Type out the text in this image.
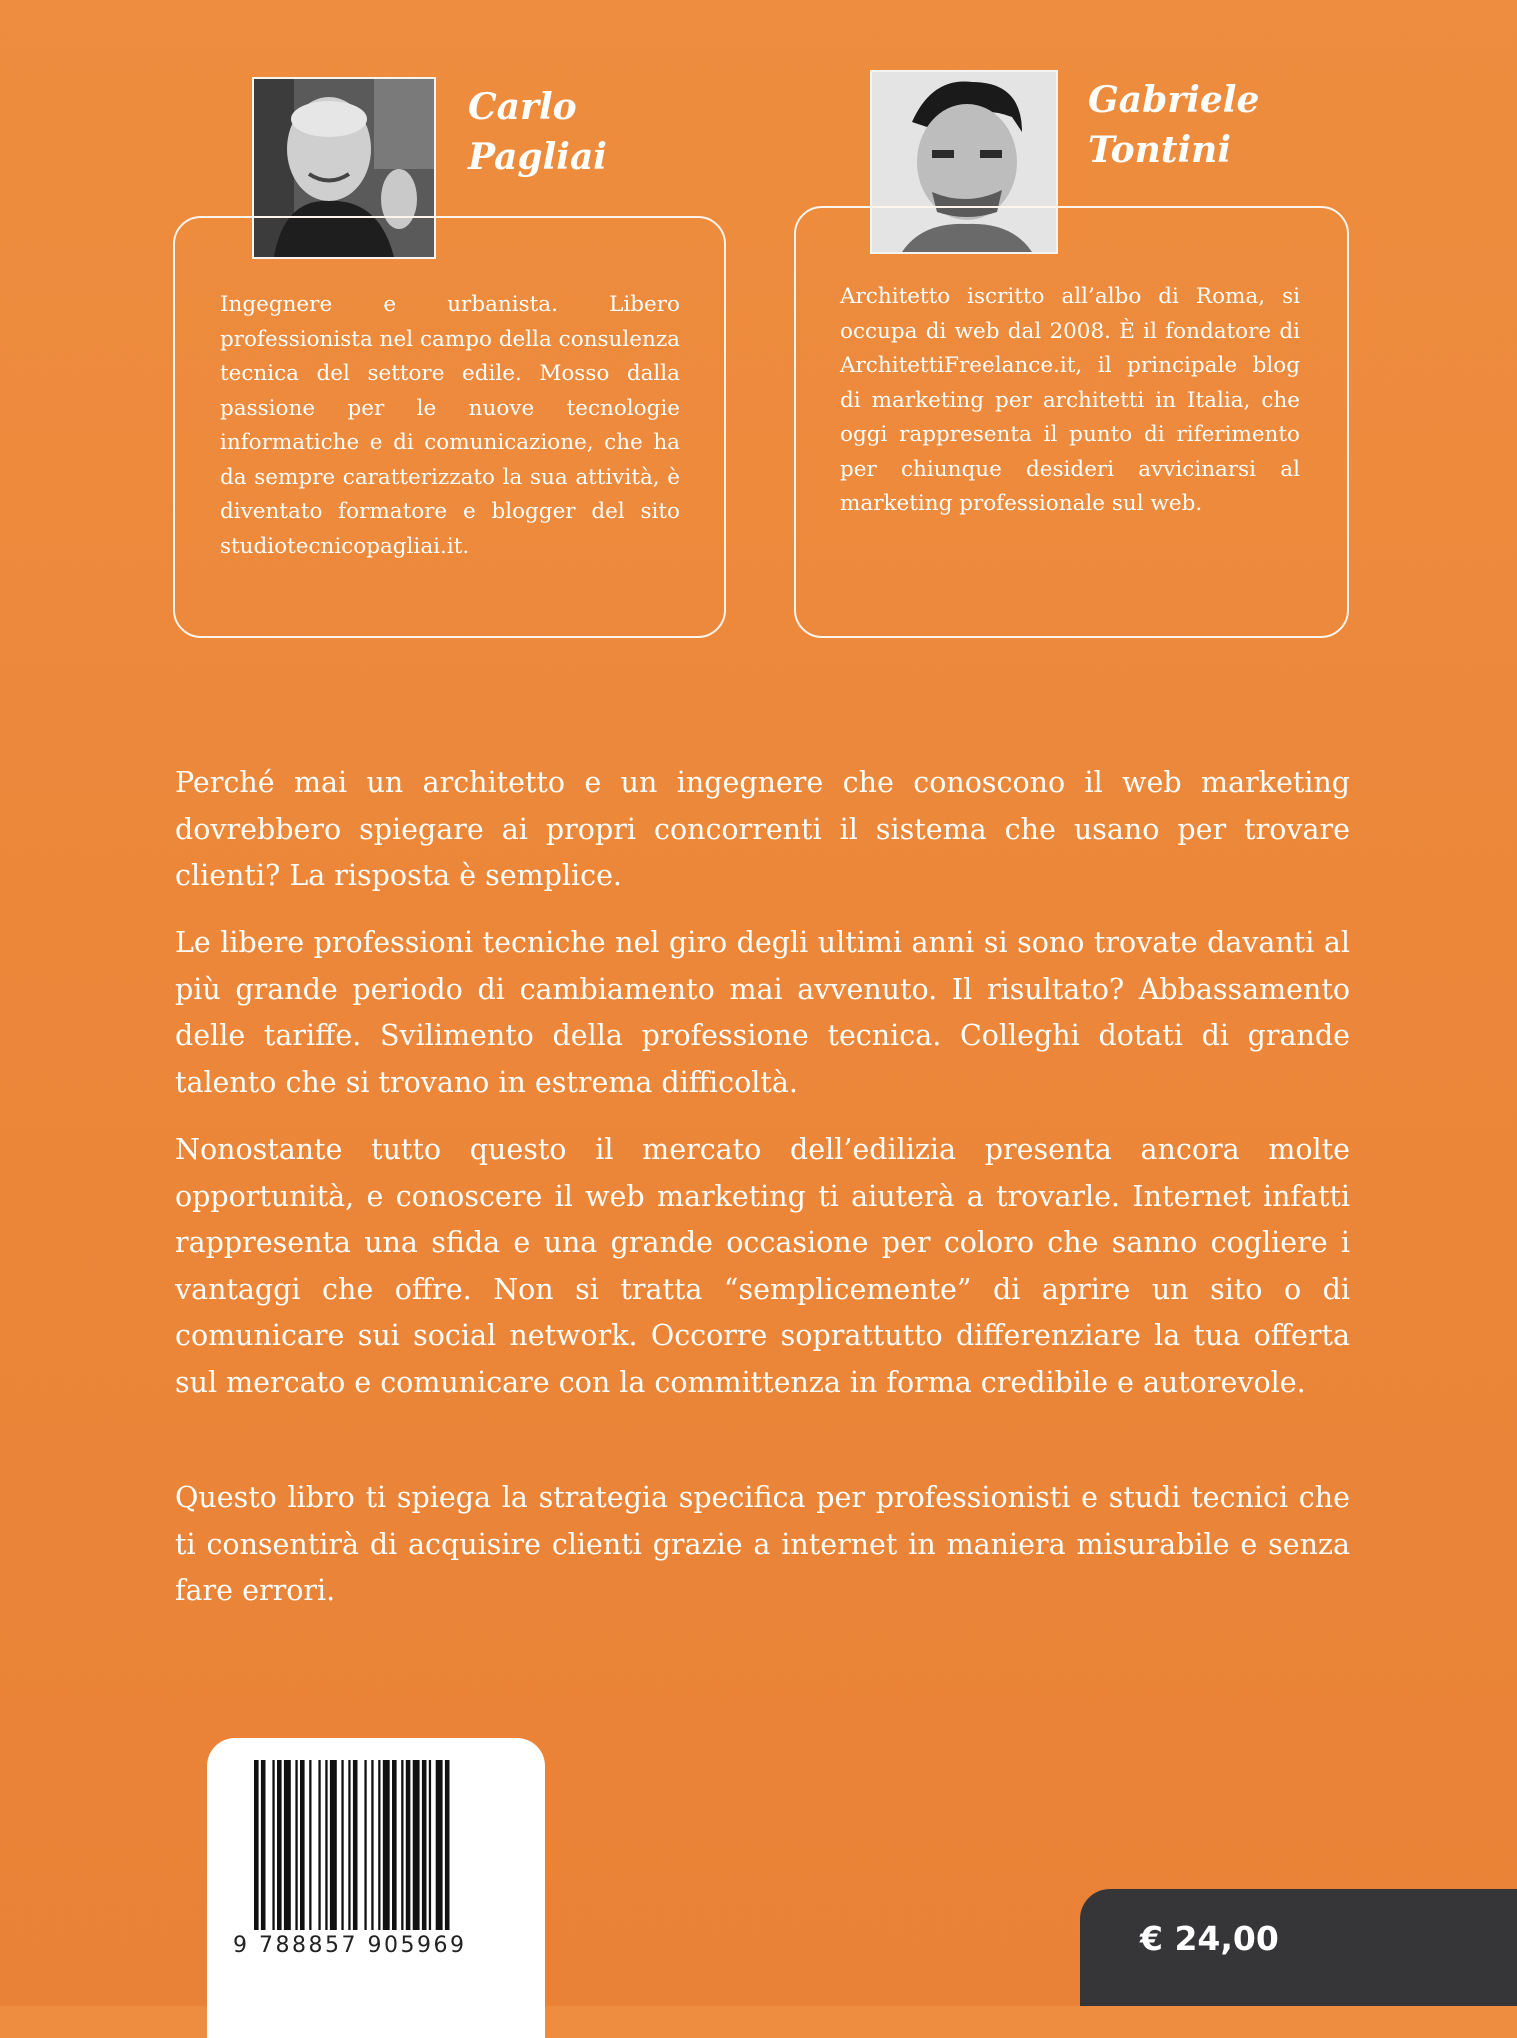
Carlo
Pagliai
Ingegnere e urbanista. Libero professionista nel campo della consulenza tecnica del settore edile. Mosso dalla passione per le nuove tecnologie informatiche e di comunicazione, che ha da sempre caratterizzato la sua attività, è diventato formatore e blogger del sito studiotecnicopagliai.it.
Gabriele
Tontini
Architetto iscritto all’albo di Roma, si occupa di web dal 2008. È il fondatore di ArchitettiFreelance.it, il principale blog di marketing per architetti in Italia, che oggi rappresenta il punto di riferimento per chiunque desideri avvicinarsi al marketing professionale sul web.

Perché mai un architetto e un ingegnere che conoscono il web marketing dovrebbero spiegare ai propri concorrenti il sistema che usano per trovare clienti? La risposta è semplice.

Le libere professioni tecniche nel giro degli ultimi anni si sono trovate davanti al più grande periodo di cambiamento mai avvenuto. Il risultato? Abbassamento delle tariffe. Svilimento della professione tecnica. Colleghi dotati di grande talento che si trovano in estrema difficoltà.

Nonostante tutto questo il mercato dell’edilizia presenta ancora molte opportunità, e conoscere il web marketing ti aiuterà a trovarle. Internet infatti rappresenta una sfida e una grande occasione per coloro che sanno cogliere i vantaggi che offre. Non si tratta “semplicemente” di aprire un sito o di comunicare sui social network. Occorre soprattutto differenziare la tua offerta sul mercato e comunicare con la committenza in forma credibile e autorevole.

Questo libro ti spiega la strategia specifica per professionisti e studi tecnici che ti consentirà di acquisire clienti grazie a internet in maniera misurabile e senza fare errori.

9 788857 905969	€ 24,00
